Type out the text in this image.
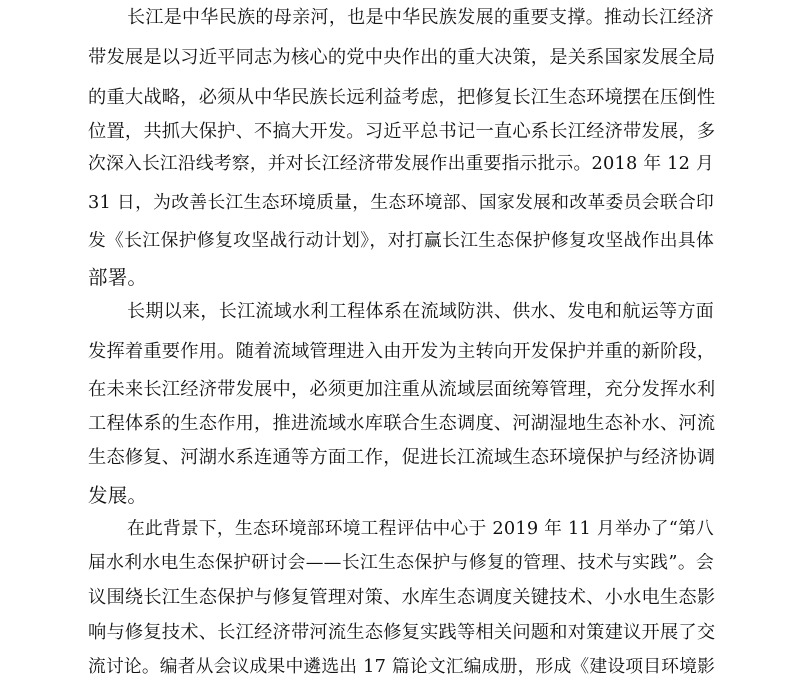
长江是中华民族的母亲河，也是中华民族发展的重要支撑。推动长江经济
带发展是以习近平同志为核心的党中央作出的重大决策，是关系国家发展全局
的重大战略，必须从中华民族长远利益考虑，把修复长江生态环境摆在压倒性
位置，共抓大保护、不搞大开发。习近平总书记一直心系长江经济带发展，多
次深入长江沿线考察，并对长江经济带发展作出重要指示批示。2018 年 12 月
31 日，为改善长江生态环境质量，生态环境部、国家发展和改革委员会联合印
发《长江保护修复攻坚战行动计划》，对打赢长江生态保护修复攻坚战作出具体
部署。
长期以来，长江流域水利工程体系在流域防洪、供水、发电和航运等方面
发挥着重要作用。随着流域管理进入由开发为主转向开发保护并重的新阶段，
在未来长江经济带发展中，必须更加注重从流域层面统筹管理，充分发挥水利
工程体系的生态作用，推进流域水库联合生态调度、河湖湿地生态补水、河流
生态修复、河湖水系连通等方面工作，促进长江流域生态环境保护与经济协调
发展。
在此背景下，生态环境部环境工程评估中心于 2019 年 11 月举办了“第八
届水利水电生态保护研讨会——长江生态保护与修复的管理、技术与实践”。会
议围绕长江生态保护与修复管理对策、水库生态调度关键技术、小水电生态影
响与修复技术、长江经济带河流生态修复实践等相关问题和对策建议开展了交
流讨论。编者从会议成果中遴选出 17 篇论文汇编成册，形成《建设项目环境影
